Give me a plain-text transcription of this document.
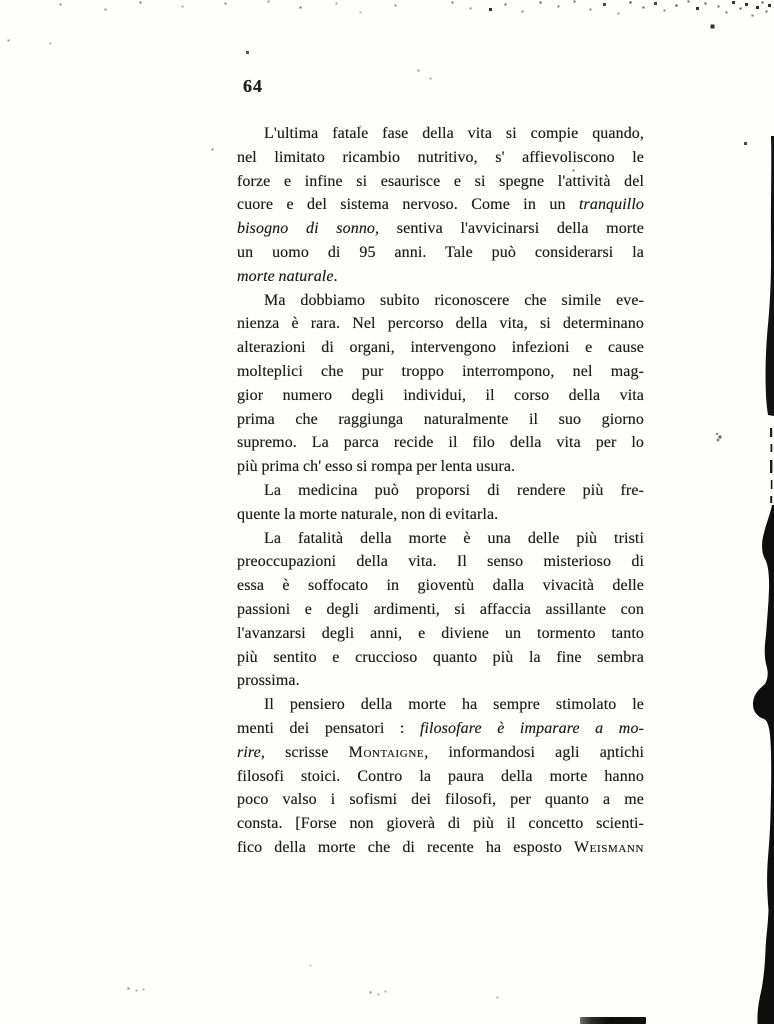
64

L'ultima fatale fase della vita si compie quando,
nel limitato ricambio nutritivo, s' affievoliscono le
forze e infine si esaurisce e si spegne l'attività del
cuore e del sistema nervoso. Come in un tranquillo
bisogno di sonno, sentiva l'avvicinarsi della morte
un uomo di 95 anni. Tale può considerarsi la
morte naturale.

Ma dobbiamo subito riconoscere che simile eve-
nienza è rara. Nel percorso della vita, si determinano
alterazioni di organi, intervengono infezioni e cause
molteplici che pur troppo interrompono, nel mag-
gior numero degli individui, il corso della vita
prima che raggiunga naturalmente il suo giorno
supremo. La parca recide il filo della vita per lo
più prima ch' esso si rompa per lenta usura.

La medicina può proporsi di rendere più fre-
quente la morte naturale, non di evitarla.

La fatalità della morte è una delle più tristi
preoccupazioni della vita. Il senso misterioso di
essa è soffocato in gioventù dalla vivacità delle
passioni e degli ardimenti, si affaccia assillante con
l'avanzarsi degli anni, e diviene un tormento tanto
più sentito e cruccioso quanto più la fine sembra
prossima.

Il pensiero della morte ha sempre stimolato le
menti dei pensatori : filosofare è imparare a mo-
rire, scrisse Montaigne, informandosi agli antichi
filosofi stoici. Contro la paura della morte hanno
poco valso i sofismi dei filosofi, per quanto a me
consta. [Forse non gioverà di più il concetto scienti-
fico della morte che di recente ha esposto Weismann
